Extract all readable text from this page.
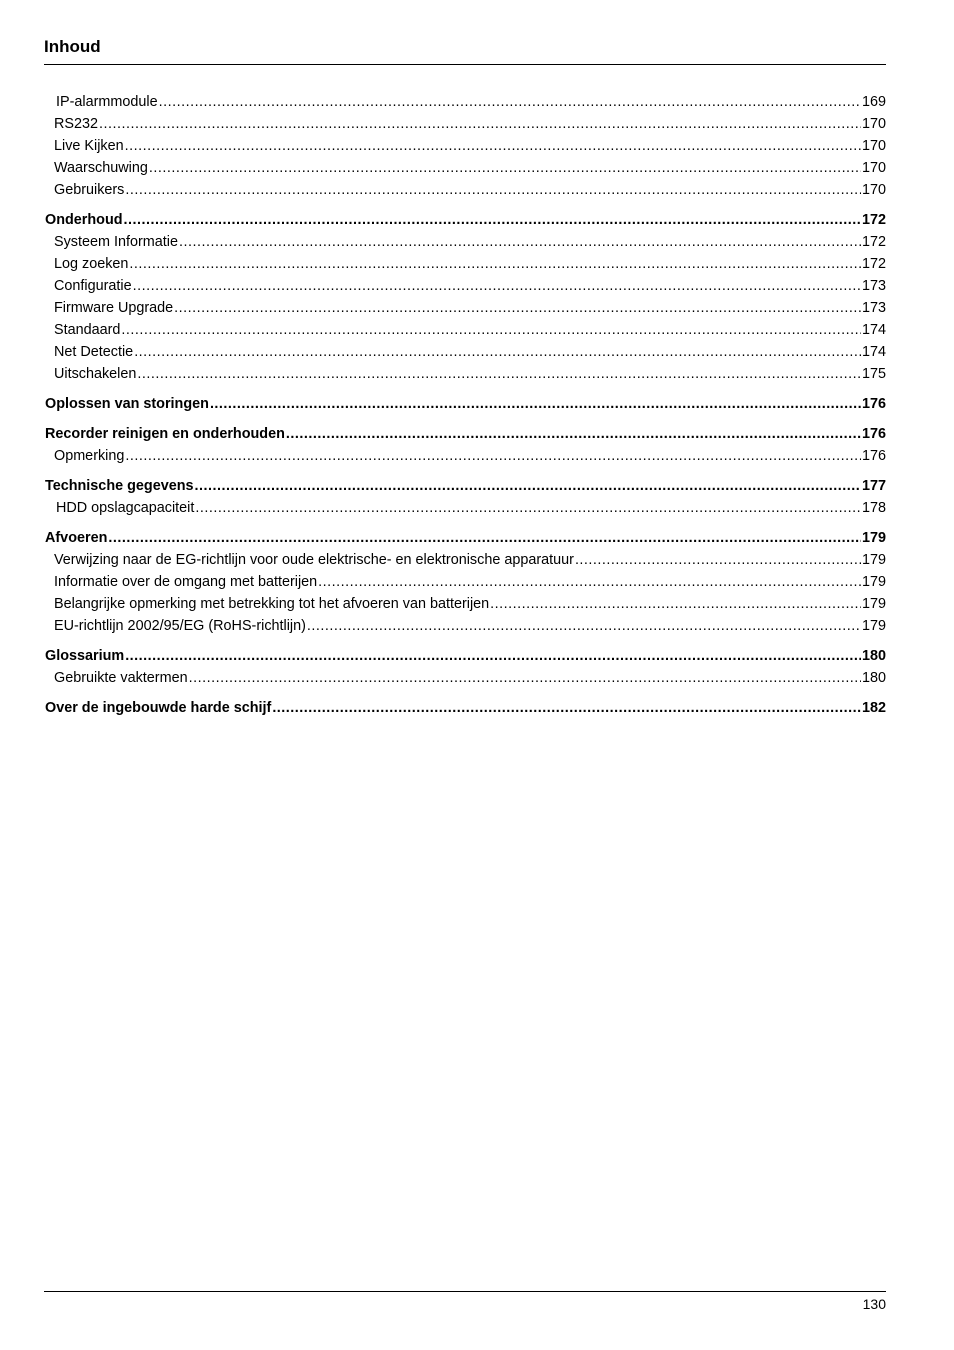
Inhoud
IP-alarmmodule .....	169
RS232 .....	170
Live Kijken .....	170
Waarschuwing .....	170
Gebruikers .....	170
Onderhoud .....	172
Systeem Informatie .....	172
Log zoeken .....	172
Configuratie .....	173
Firmware Upgrade .....	173
Standaard .....	174
Net Detectie .....	174
Uitschakelen .....	175
Oplossen van storingen .....	176
Recorder reinigen en onderhouden .....	176
Opmerking .....	176
Technische gegevens .....	177
HDD opslagcapaciteit .....	178
Afvoeren .....	179
Verwijzing naar de EG-richtlijn voor oude elektrische- en elektronische apparatuur .....	179
Informatie over de omgang met batterijen .....	179
Belangrijke opmerking met betrekking tot het afvoeren van batterijen .....	179
EU-richtlijn 2002/95/EG (RoHS-richtlijn) .....	179
Glossarium .....	180
Gebruikte vaktermen .....	180
Over de ingebouwde harde schijf .....	182
130
